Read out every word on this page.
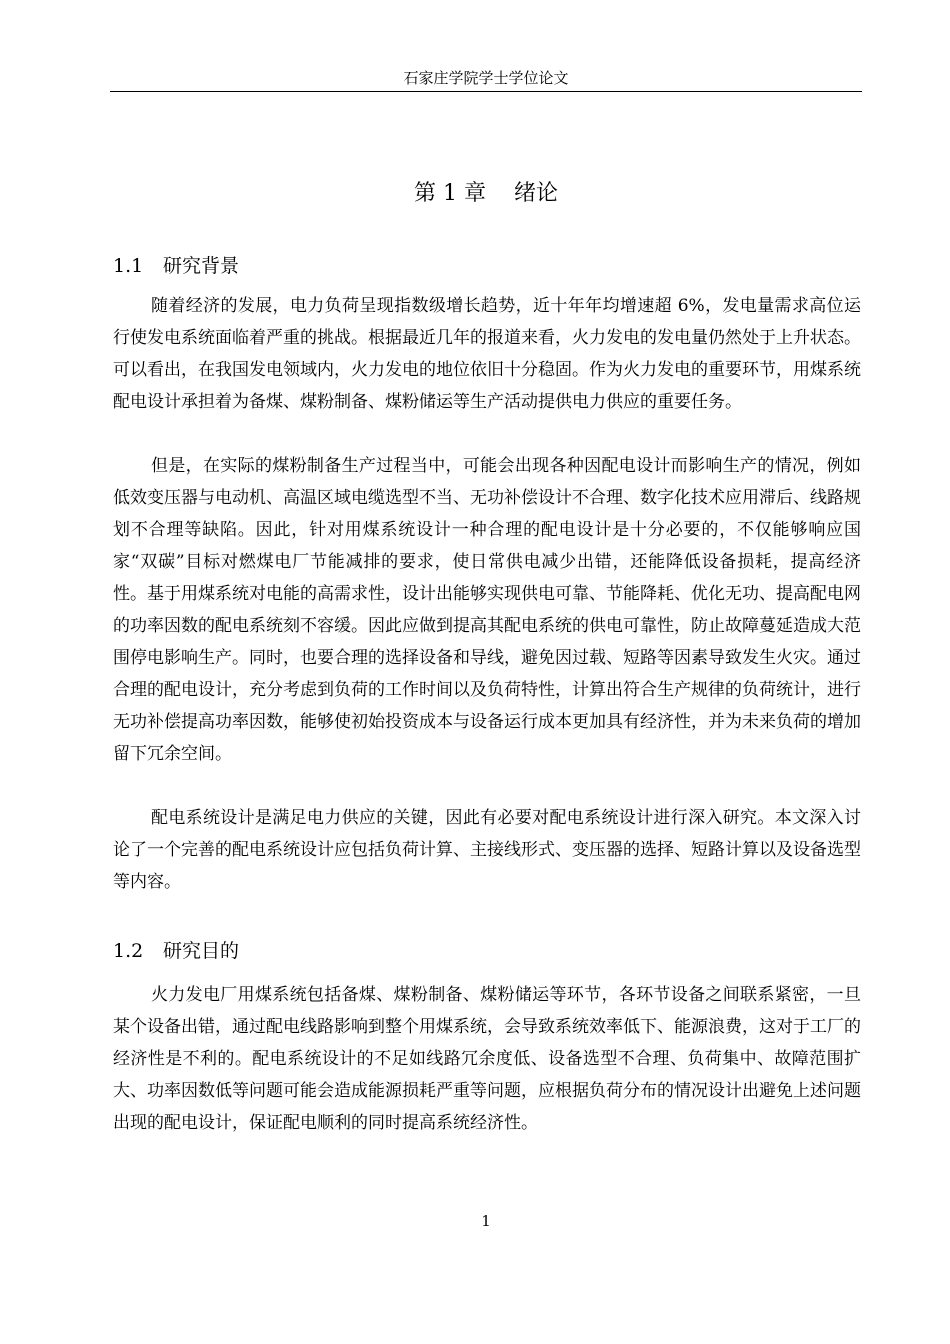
石家庄学院学士学位论文
第 1 章 绪论
1.1 研究背景

随着经济的发展，电力负荷呈现指数级增长趋势，近十年年均增速超 6%，发电量需求高位运行使发电系统面临着严重的挑战。根据最近几年的报道来看，火力发电的发电量仍然处于上升状态。可以看出，在我国发电领域内，火力发电的地位依旧十分稳固。作为火力发电的重要环节，用煤系统配电设计承担着为备煤、煤粉制备、煤粉储运等生产活动提供电力供应的重要任务。

但是，在实际的煤粉制备生产过程当中，可能会出现各种因配电设计而影响生产的情况，例如低效变压器与电动机、高温区域电缆选型不当、无功补偿设计不合理、数字化技术应用滞后、线路规划不合理等缺陷。因此，针对用煤系统设计一种合理的配电设计是十分必要的，不仅能够响应国家“双碳”目标对燃煤电厂节能减排的要求，使日常供电减少出错，还能降低设备损耗，提高经济性。基于用煤系统对电能的高需求性，设计出能够实现供电可靠、节能降耗、优化无功、提高配电网的功率因数的配电系统刻不容缓。因此应做到提高其配电系统的供电可靠性，防止故障蔓延造成大范围停电影响生产。同时，也要合理的选择设备和导线，避免因过载、短路等因素导致发生火灾。通过合理的配电设计，充分考虑到负荷的工作时间以及负荷特性，计算出符合生产规律的负荷统计，进行无功补偿提高功率因数，能够使初始投资成本与设备运行成本更加具有经济性，并为未来负荷的增加留下冗余空间。

配电系统设计是满足电力供应的关键，因此有必要对配电系统设计进行深入研究。本文深入讨论了一个完善的配电系统设计应包括负荷计算、主接线形式、变压器的选择、短路计算以及设备选型等内容。

1.2 研究目的

火力发电厂用煤系统包括备煤、煤粉制备、煤粉储运等环节，各环节设备之间联系紧密，一旦某个设备出错，通过配电线路影响到整个用煤系统，会导致系统效率低下、能源浪费，这对于工厂的经济性是不利的。配电系统设计的不足如线路冗余度低、设备选型不合理、负荷集中、故障范围扩大、功率因数低等问题可能会造成能源损耗严重等问题，应根据负荷分布的情况设计出避免上述问题出现的配电设计，保证配电顺利的同时提高系统经济性。

1
